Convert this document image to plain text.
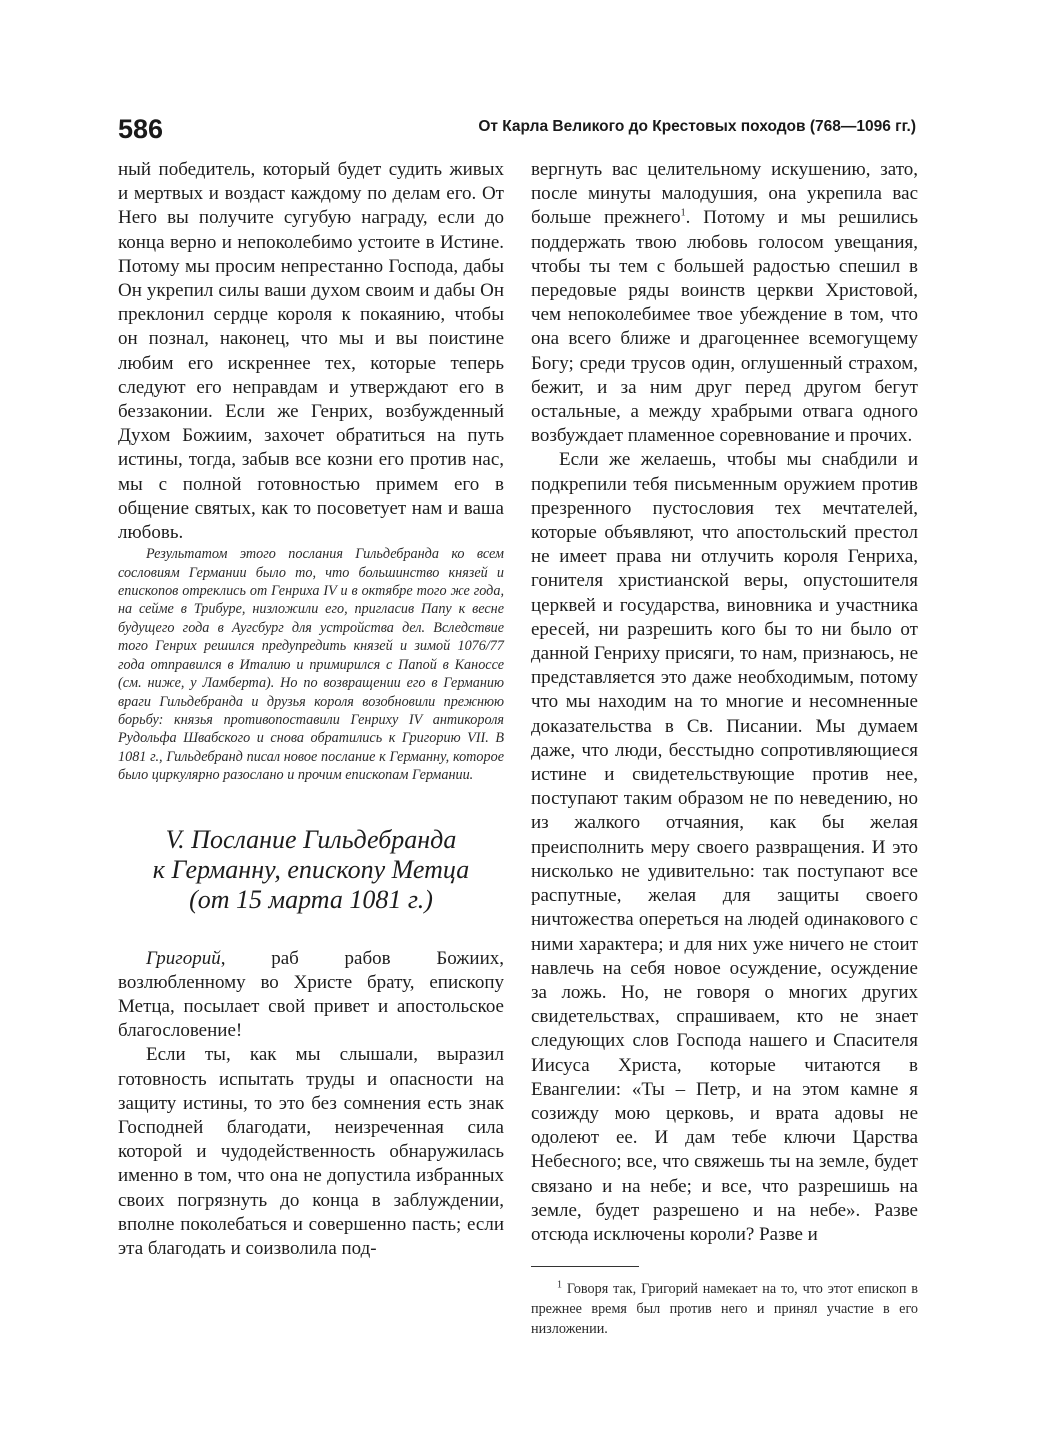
586	От Карла Великого до Крестовых походов (768—1096 гг.)

ный победитель, который будет судить живых и мертвых и воздаст каждому по делам его. От Него вы получите сугубую награду, если до конца верно и непоколебимо устоите в Истине. Потому мы просим непрестанно Господа, дабы Он укрепил силы ваши духом своим и дабы Он преклонил сердце короля к покаянию, чтобы он познал, наконец, что мы и вы поистине любим его искреннее тех, которые теперь следуют его неправдам и утверждают его в беззаконии. Если же Генрих, возбужденный Духом Божиим, захочет обратиться на путь истины, тогда, забыв все козни его против нас, мы с полной готовностью примем его в общение святых, как то посоветует нам и ваша любовь.

Результатом этого послания Гильдебранда ко всем сословиям Германии было то, что большинство князей и епископов отреклись от Генриха IV и в октябре того же года, на сейме в Трибуре, низложили его, пригласив Папу к весне будущего года в Аугсбург для устройства дел. Вследствие того Генрих решился предупредить князей и зимой 1076/77 года отправился в Италию и примирился с Папой в Каноссе (см. ниже, у Ламберта). Но по возвращении его в Германию враги Гильдебранда и друзья короля возобновили прежнюю борьбу: князья противопоставили Генриху IV антикороля Рудольфа Швабского и снова обратились к Григорию VII. В 1081 г., Гильдебранд писал новое послание к Германну, которое было циркулярно разослано и прочим епископам Германии.

V. Послание Гильдебранда
к Германну, епископу Метца
(от 15 марта 1081 г.)

Григорий, раб рабов Божиих, возлюбленному во Христе брату, епископу Метца, посылает свой привет и апостольское благословение!

Если ты, как мы слышали, выразил готовность испытать труды и опасности на защиту истины, то это без сомнения есть знак Господней благодати, неизреченная сила которой и чудодейственность обнаружилась именно в том, что она не допустила избранных своих погрязнуть до конца в заблуждении, вполне поколебаться и совершенно пасть; если эта благодать и соизволила под-

вергнуть вас целительному искушению, зато, после минуты малодушия, она укрепила вас больше прежнего$^1$. Потому и мы решились поддержать твою любовь голосом увещания, чтобы ты тем с большей радостью спешил в передовые ряды воинств церкви Христовой, чем непоколебимее твое убеждение в том, что она всего ближе и драгоценнее всемогущему Богу; среди трусов один, оглушенный страхом, бежит, и за ним друг перед другом бегут остальные, а между храбрыми отвага одного возбуждает пламенное соревнование и прочих.

Если же желаешь, чтобы мы снабдили и подкрепили тебя письменным оружием против презренного пустословия тех мечтателей, которые объявляют, что апостольский престол не имеет права ни отлучить короля Генриха, гонителя христианской веры, опустошителя церквей и государства, виновника и участника ересей, ни разрешить кого бы то ни было от данной Генриху присяги, то нам, признаюсь, не представляется это даже необходимым, потому что мы находим на то многие и несомненные доказательства в Св. Писании. Мы думаем даже, что люди, бесстыдно сопротивляющиеся истине и свидетельствующие против нее, поступают таким образом не по неведению, но из жалкого отчаяния, как бы желая преисполнить меру своего развращения. И это нисколько не удивительно: так поступают все распутные, желая для защиты своего ничтожества опереться на людей одинакового с ними характера; и для них уже ничего не стоит навлечь на себя новое осуждение, осуждение за ложь. Но, не говоря о многих других свидетельствах, спрашиваем, кто не знает следующих слов Господа нашего и Спасителя Иисуса Христа, которые читаются в Евангелии: «Ты – Петр, и на этом камне я созижду мою церковь, и врата адовы не одолеют ее. И дам тебе ключи Царства Небесного; все, что свяжешь ты на земле, будет связано и на небе; и все, что разрешишь на земле, будет разрешено и на небе». Разве отсюда исключены короли? Разве и

$^1$ Говоря так, Григорий намекает на то, что этот епископ в прежнее время был против него и принял участие в его низложении.
